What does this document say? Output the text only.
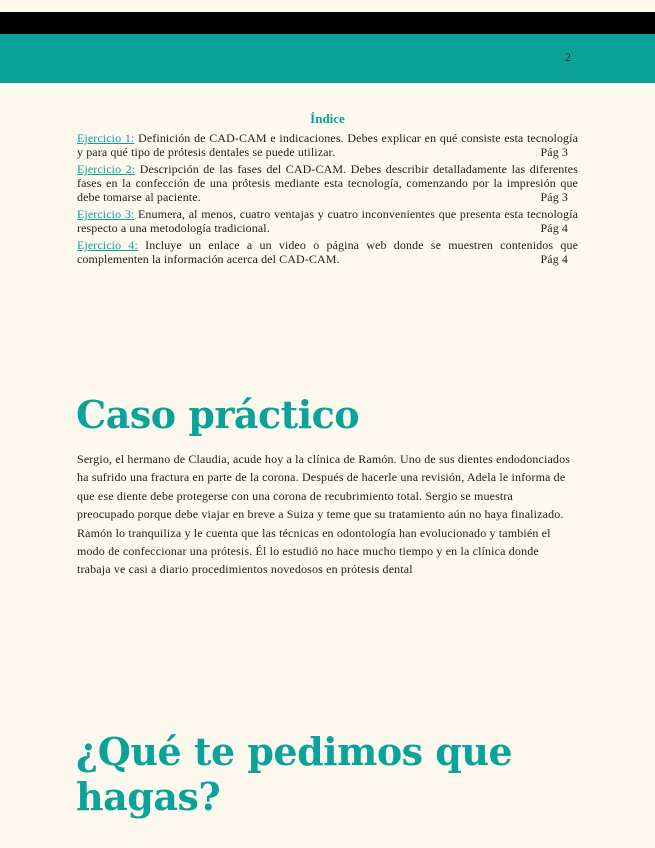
2
Índice
Ejercicio 1: Definición de CAD-CAM e indicaciones. Debes explicar en qué consiste esta tecnología y para qué tipo de prótesis dentales se puede utilizar.	Pág 3
Ejercicio 2: Descripción de las fases del CAD-CAM. Debes describir detalladamente las diferentes fases en la confección de una prótesis mediante esta tecnología, comenzando por la impresión que debe tomarse al paciente.	Pág 3
Ejercicio 3: Enumera, al menos, cuatro ventajas y cuatro inconvenientes que presenta esta tecnología respecto a una metodología tradicional.	Pág 4
Ejercicio 4: Incluye un enlace a un video o página web donde se muestren contenidos que complementen la información acerca del CAD-CAM.	Pág 4
Caso práctico
Sergio, el hermano de Claudia, acude hoy a la clínica de Ramón. Uno de sus dientes endodonciados ha sufrido una fractura en parte de la corona. Después de hacerle una revisión, Adela le informa de que ese diente debe protegerse con una corona de recubrimiento total. Sergio se muestra preocupado porque debe viajar en breve a Suiza y teme que su tratamiento aún no haya finalizado. Ramón lo tranquiliza y le cuenta que las técnicas en odontología han evolucionado y también el modo de confeccionar una prótesis. Él lo estudió no hace mucho tiempo y en la clínica donde trabaja ve casi a diario procedimientos novedosos en prótesis dental
¿Qué te pedimos que hagas?
